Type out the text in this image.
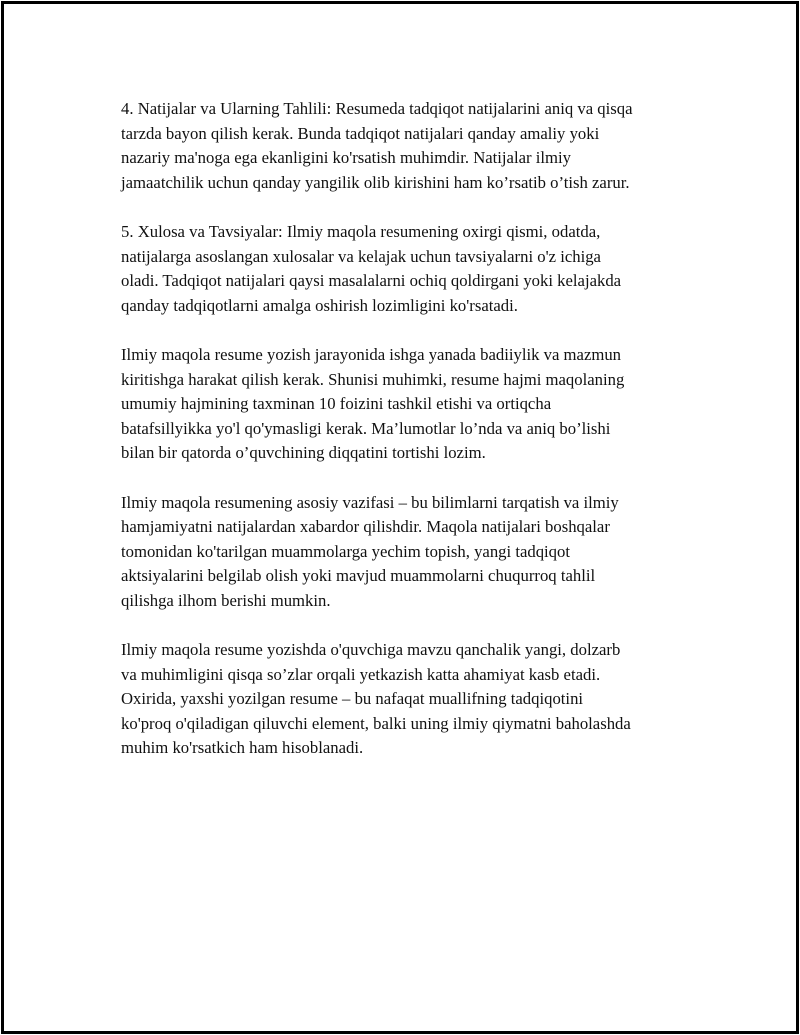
4. Natijalar va Ularning Tahlili: Resumeda tadqiqot natijalarini aniq va qisqa
tarzda bayon qilish kerak. Bunda tadqiqot natijalari qanday amaliy yoki
nazariy ma'noga ega ekanligini ko'rsatish muhimdir. Natijalar ilmiy
jamaatchilik uchun qanday yangilik olib kirishini ham ko’rsatib o’tish zarur.

5. Xulosa va Tavsiyalar: Ilmiy maqola resumening oxirgi qismi, odatda,
natijalarga asoslangan xulosalar va kelajak uchun tavsiyalarni o'z ichiga
oladi. Tadqiqot natijalari qaysi masalalarni ochiq qoldirgani yoki kelajakda
qanday tadqiqotlarni amalga oshirish lozimligini ko'rsatadi.

Ilmiy maqola resume yozish jarayonida ishga yanada badiiylik va mazmun
kiritishga harakat qilish kerak. Shunisi muhimki, resume hajmi maqolaning
umumiy hajmining taxminan 10 foizini tashkil etishi va ortiqcha
batafsillyikka yo'l qo'ymasligi kerak. Ma’lumotlar lo’nda va aniq bo’lishi
bilan bir qatorda o’quvchining diqqatini tortishi lozim.

Ilmiy maqola resumening asosiy vazifasi – bu bilimlarni tarqatish va ilmiy
hamjamiyatni natijalardan xabardor qilishdir. Maqola natijalari boshqalar
tomonidan ko'tarilgan muammolarga yechim topish, yangi tadqiqot
aktsiyalarini belgilab olish yoki mavjud muammolarni chuqurroq tahlil
qilishga ilhom berishi mumkin.

Ilmiy maqola resume yozishda o'quvchiga mavzu qanchalik yangi, dolzarb
va muhimligini qisqa so’zlar orqali yetkazish katta ahamiyat kasb etadi.
Oxirida, yaxshi yozilgan resume – bu nafaqat muallifning tadqiqotini
ko'proq o'qiladigan qiluvchi element, balki uning ilmiy qiymatni baholashda
muhim ko'rsatkich ham hisoblanadi.
